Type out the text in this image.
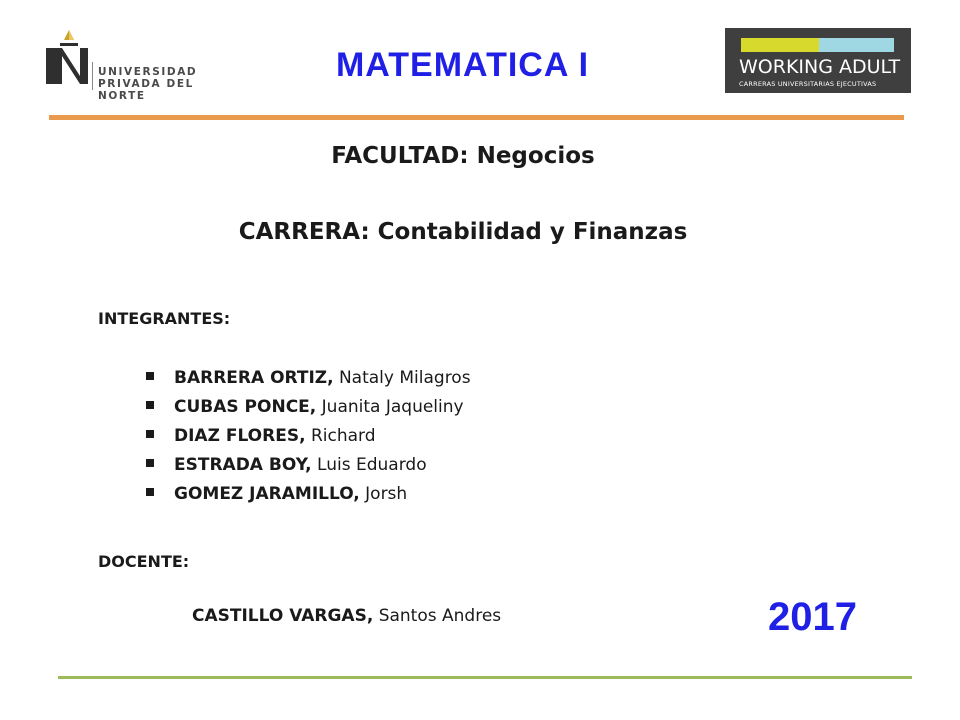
UNIVERSIDAD
PRIVADA DEL NORTE
MATEMATICA I	WORKING ADULT
CARRERAS UNIVERSITARIAS EJECUTIVAS
FACULTAD: Negocios
CARRERA: Contabilidad y Finanzas
INTEGRANTES:
BARRERA ORTIZ, Nataly Milagros
CUBAS PONCE, Juanita Jaqueliny
DIAZ FLORES, Richard
ESTRADA BOY, Luis Eduardo
GOMEZ JARAMILLO, Jorsh
DOCENTE:
CASTILLO VARGAS, Santos Andres	2017
